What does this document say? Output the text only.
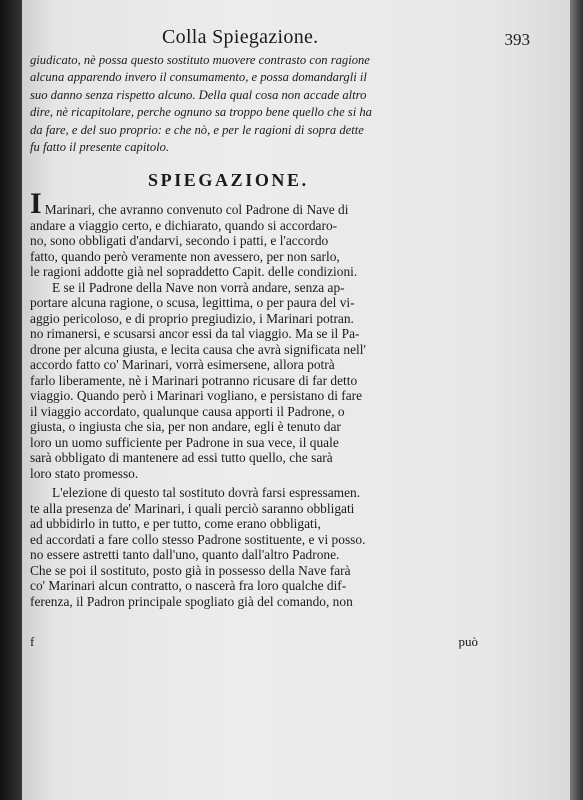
Colla Spiegazione.	393
giudicato, nè possa questo sostituto muovere contrasto con ragione
alcuna apparendo invero il consumamento, e possa domandargli il
suo danno senza rispetto alcuno. Della qual cosa non accade altro
dire, nè ricapitolare, perche ognuno sa troppo bene quello che si ha
da fare, e del suo proprio: e che nò, e per le ragioni di sopra dette
fu fatto il presente capitolo.
SPIEGAZIONE.
I Marinari, che avranno convenuto col Padrone di Nave di
andare a viaggio certo, e dichiarato, quando si accordaro-
no, sono obbligati d'andarvi, secondo i patti, e l'accordo
fatto, quando però veramente non avessero, per non sarlo,
le ragioni addotte già nel sopraddetto Capit. delle condizioni.
E se il Padrone della Nave non vorrà andare, senza ap-
portare alcuna ragione, o scusa, legittima, o per paura del vi-
aggio pericoloso, e di proprio pregiudizio, i Marinari potran.
no rimanersi, e scusarsi ancor essi da tal viaggio. Ma se il Pa-
drone per alcuna giusta, e lecita causa che avrà significata nell'
accordo fatto co' Marinari, vorrà esimersene, allora potrà
farlo liberamente, nè i Marinari potranno ricusare di far detto
viaggio. Quando però i Marinari vogliano, e persistano di fare
il viaggio accordato, qualunque causa apporti il Padrone, o
giusta, o ingiusta che sia, per non andare, egli è tenuto dar
loro un uomo sufficiente per Padrone in sua vece, il quale
sarà obbligato di mantenere ad essi tutto quello, che sarà
loro stato promesso.
L'elezione di questo tal sostituto dovrà farsi espressamen.
te alla presenza de' Marinari, i quali perciò saranno obbligati
ad ubbidirlo in tutto, e per tutto, come erano obbligati,
ed accordati a fare collo stesso Padrone sostituente, e vi posso.
no essere astretti tanto dall'uno, quanto dall'altro Padrone.
Che se poi il sostituto, posto già in possesso della Nave farà
co' Marinari alcun contratto, o nascerà fra loro qualche dif-
ferenza, il Padron principale spogliato già del comando, non
f	può
